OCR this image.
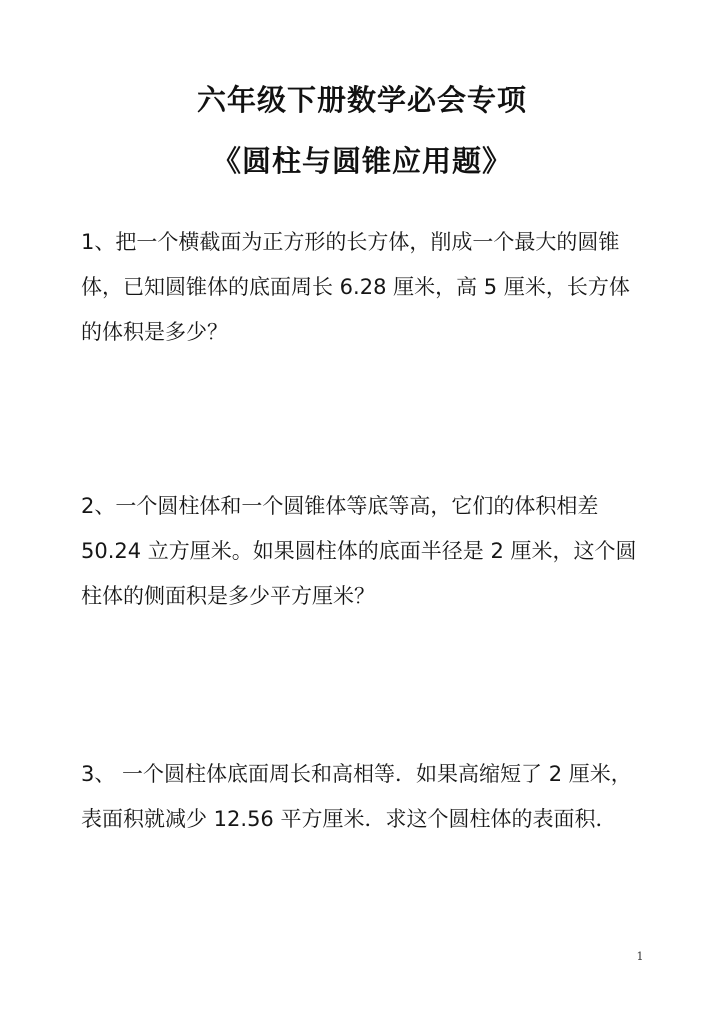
六年级下册数学必会专项
《圆柱与圆锥应用题》
1、把一个横截面为正方形的长方体，削成一个最大的圆锥
体，已知圆锥体的底面周长 6.28 厘米，高 5 厘米，长方体
的体积是多少？
2、一个圆柱体和一个圆锥体等底等高，它们的体积相差
50.24 立方厘米。如果圆柱体的底面半径是 2 厘米，这个圆
柱体的侧面积是多少平方厘米？
3、 一个圆柱体底面周长和高相等．如果高缩短了 2 厘米，
表面积就减少 12.56 平方厘米．求这个圆柱体的表面积．
1
